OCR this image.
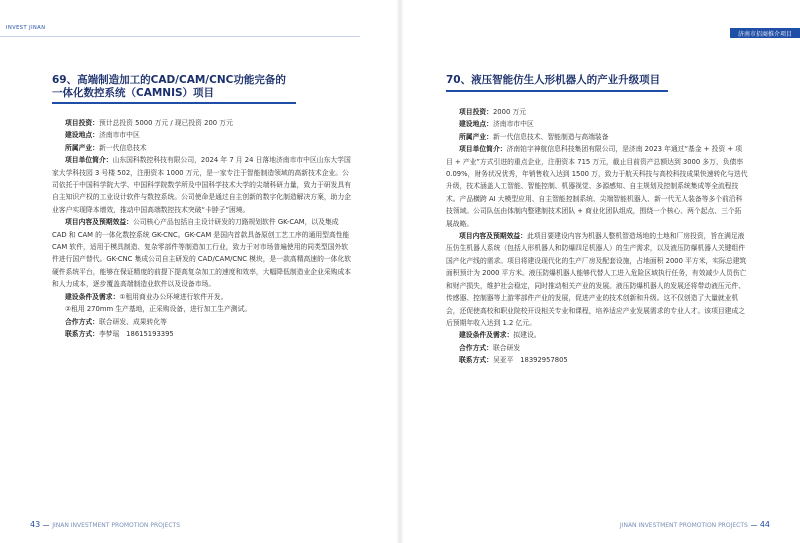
INVEST JINAN
69、高端制造加工的CAD/CAM/CNC功能完备的
一体化数控系统（CAMNIS）项目

项目投资：预计总投资 5000 万元 / 现已投资 200 万元

建设地点：济南市市中区

所属产业：新一代信息技术

项目单位简介：山东国科数控科技有限公司，2024 年 7 月 24 日落地济南市市中区山东大学国家大学科技园 3 号楼 502，注册资本 1000 万元，是一家专注于智能制造领域的高新技术企业。公司依托于中国科学院大学、中国科学院数学所及中国科学技术大学的尖端科研力量，致力于研发具有自主知识产权的工业设计软件与数控系统。公司使命是通过自主创新的数字化制造解决方案，助力企业客户实现降本增效，推动中国高端数控技术突破“卡脖子”困境。

项目内容及预期效益：公司核心产品包括自主设计研发的刀路规划软件 GK-CAM，以及集成 CAD 和 CAM 的一体化数控系统 GK-CNC。GK-CAM 是国内首款具备原创工艺工序的通用型高性能 CAM 软件，适用于模具制造、复杂零部件等制造加工行业，致力于对市场普遍使用的同类型国外软件进行国产替代。GK-CNC 集成公司自主研发的 CAD/CAM/CNC 模块，是一款高精高速的一体化软硬件系统平台，能够在保证精度的前提下提高复杂加工的速度和效率，大幅降低制造业企业采购成本和人力成本，逐步覆盖高端制造业软件以及设备市场。

建设条件及需求：①租用商业办公环境进行软件开发。

②租用 270mm 生产基地，正采购设备，进行加工生产测试。

合作方式：联合研发、成果转化等

联系方式：李梦瑶　18615193395

43 JINAN INVESTMENT PROMOTION PROJECTS
济南市招商推介项目
70、液压智能仿生人形机器人的产业升级项目

项目投资：2000 万元

建设地点：济南市市中区

所属产业：新一代信息技术、智能制造与高端装备

项目单位简介：济南铂宇神航信息科技集团有限公司，是济南 2023 年通过“基金 + 投资 + 项目 + 产业”方式引进的重点企业，注册资本 715 万元，截止目前资产总额达到 3000 多万，负债率 0.09%，财务状况优秀，年销售收入达到 1500 万，致力于航天科技与高校科技成果快速转化与迭代升级，技术涵盖人工智能、智能控制、机器视觉、多源感知、自主规划及控制系统集成等全流程技术。产品横跨 AI 大模型应用、自主智能控制系统、尖端智能机器人、新一代无人装备等多个前沿科技领域。公司队伍由体制内整建制技术团队 + 商业化团队组成，围绕一个核心、两个起点、三个拓展战略。

项目内容及预期效益：此项目要建设内容为机器人整机智造场地的土地和厂房投资，旨在满足液压仿生机器人系统（包括人形机器人和防爆四足机器人）的生产需求，以及液压防爆机器人关键组件国产化产线的需求。项目将建设现代化的生产厂房及配套设施，占地面积 2000 平方米，实际总建筑面积预计为 2000 平方米。液压防爆机器人能够代替人工进入危险区域执行任务，有效减少人员伤亡和财产损失，维护社会稳定，同时推动相关产业的发展。液压防爆机器人的发展还将带动液压元件、传感器、控制器等上游零部件产业的发展，促进产业的技术创新和升级。这不仅创造了大量就业机会，还促使高校和职业院校开设相关专业和课程，培养适应产业发展需求的专业人才。该项目建成之后预期年收入达到 1.2 亿元。

建设条件及需求：拟建设。

合作方式：联合研发

联系方式：吴亚平　18392957805

JINAN INVESTMENT PROMOTION PROJECTS 44
